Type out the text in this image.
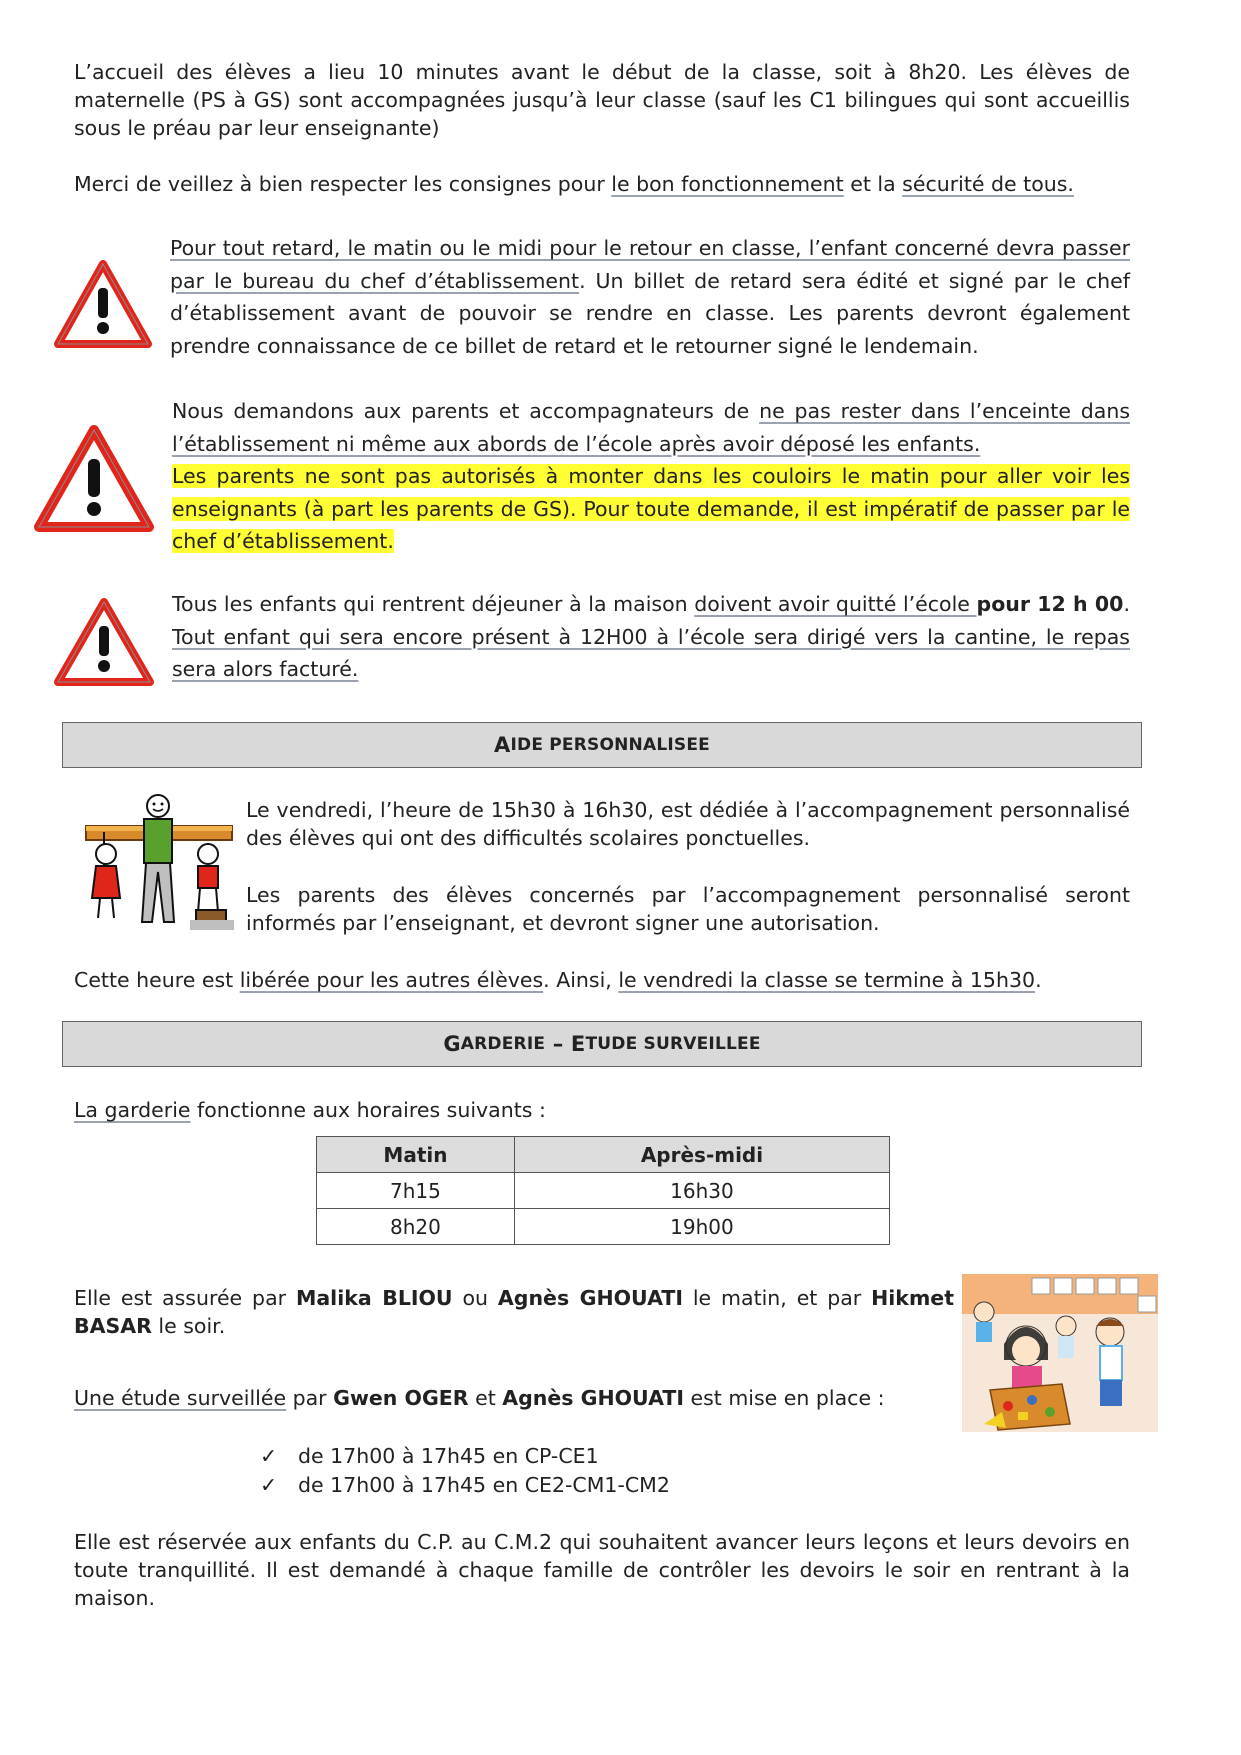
L’accueil des élèves a lieu 10 minutes avant le début de la classe, soit à 8h20. Les élèves de maternelle (PS à GS) sont accompagnées jusqu’à leur classe (sauf les C1 bilingues qui sont accueillis sous le préau par leur enseignante)
Merci de veillez à bien respecter les consignes pour le bon fonctionnement et la sécurité de tous.
Pour tout retard, le matin ou le midi pour le retour en classe, l’enfant concerné devra passer par le bureau du chef d’établissement. Un billet de retard sera édité et signé par le chef d’établissement avant de pouvoir se rendre en classe. Les parents devront également prendre connaissance de ce billet de retard et le retourner signé le lendemain.
Nous demandons aux parents et accompagnateurs de ne pas rester dans l’enceinte dans l’établissement ni même aux abords de l’école après avoir déposé les enfants.
Les parents ne sont pas autorisés à monter dans les couloirs le matin pour aller voir les enseignants (à part les parents de GS). Pour toute demande, il est impératif de passer par le chef d’établissement.
Tous les enfants qui rentrent déjeuner à la maison doivent avoir quitté l’école pour 12 h 00. Tout enfant qui sera encore présent à 12H00 à l’école sera dirigé vers la cantine, le repas sera alors facturé.
A IDE PERSONNALISEE
Le vendredi, l’heure de 15h30 à 16h30, est dédiée à l’accompagnement personnalisé des élèves qui ont des difficultés scolaires ponctuelles.
Les parents des élèves concernés par l’accompagnement personnalisé seront informés par l’enseignant, et devront signer une autorisation.
Cette heure est libérée pour les autres élèves. Ainsi, le vendredi la classe se termine à 15h30.
G ARDERIE – E TUDE SURVEILLEE
La garderie fonctionne aux horaires suivants :
Matin	Après-midi
7h15	16h30
8h20	19h00
Elle est assurée par Malika BLIOU ou Agnès GHOUATI le matin, et par Hikmet BASAR le soir.
Une étude surveillée par Gwen OGER et Agnès GHOUATI est mise en place :
✓	de 17h00 à 17h45 en CP-CE1
✓	de 17h00 à 17h45 en CE2-CM1-CM2
Elle est réservée aux enfants du C.P. au C.M.2 qui souhaitent avancer leurs leçons et leurs devoirs en toute tranquillité. Il est demandé à chaque famille de contrôler les devoirs le soir en rentrant à la maison.
